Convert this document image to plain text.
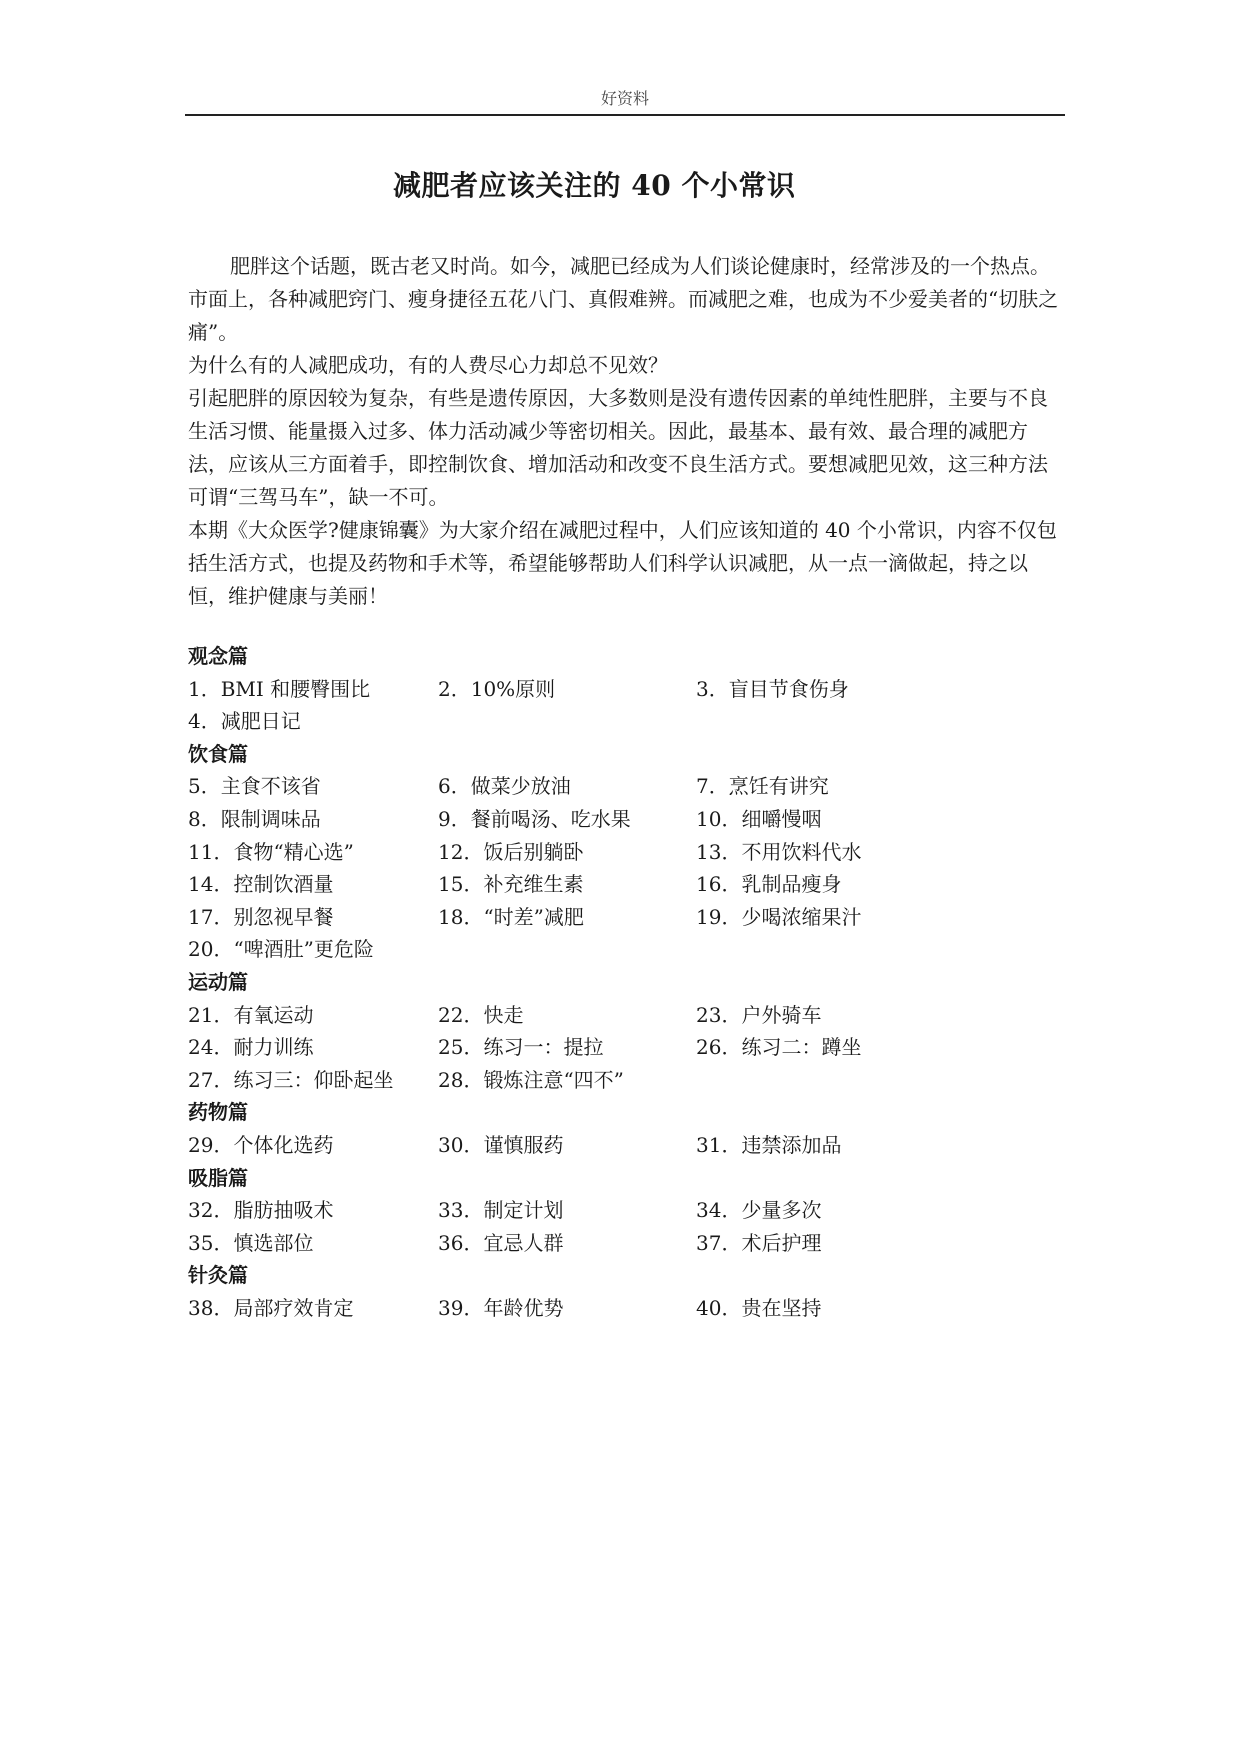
好资料
减肥者应该关注的 40 个小常识

肥胖这个话题，既古老又时尚。如今，减肥已经成为人们谈论健康时，经常涉及的一个热点。市面上，各种减肥窍门、瘦身捷径五花八门、真假难辨。而减肥之难，也成为不少爱美者的“切肤之痛”。

为什么有的人减肥成功，有的人费尽心力却总不见效？

引起肥胖的原因较为复杂，有些是遗传原因，大多数则是没有遗传因素的单纯性肥胖，主要与不良生活习惯、能量摄入过多、体力活动减少等密切相关。因此，最基本、最有效、最合理的减肥方法，应该从三方面着手，即控制饮食、增加活动和改变不良生活方式。要想减肥见效，这三种方法可谓“三驾马车”，缺一不可。

本期《大众医学?健康锦囊》为大家介绍在减肥过程中，人们应该知道的 40 个小常识，内容不仅包括生活方式，也提及药物和手术等，希望能够帮助人们科学认识减肥，从一点一滴做起，持之以恒，维护健康与美丽！

观念篇
1．BMI 和腰臀围比	2．10%原则	3．盲目节食伤身
4．减肥日记
饮食篇
5．主食不该省	6．做菜少放油	7．烹饪有讲究
8．限制调味品	9．餐前喝汤、吃水果	10．细嚼慢咽
11．食物“精心选”	12．饭后别躺卧	13．不用饮料代水
14．控制饮酒量	15．补充维生素	16．乳制品瘦身
17．别忽视早餐	18．“时差”减肥	19．少喝浓缩果汁
20．“啤酒肚”更危险
运动篇
21．有氧运动	22．快走	23．户外骑车
24．耐力训练	25．练习一：提拉	26．练习二：蹲坐
27．练习三：仰卧起坐	28．锻炼注意“四不”
药物篇
29．个体化选药	30．谨慎服药	31．违禁添加品
吸脂篇
32．脂肪抽吸术	33．制定计划	34．少量多次
35．慎选部位	36．宜忌人群	37．术后护理
针灸篇
38．局部疗效肯定	39．年龄优势	40．贵在坚持
